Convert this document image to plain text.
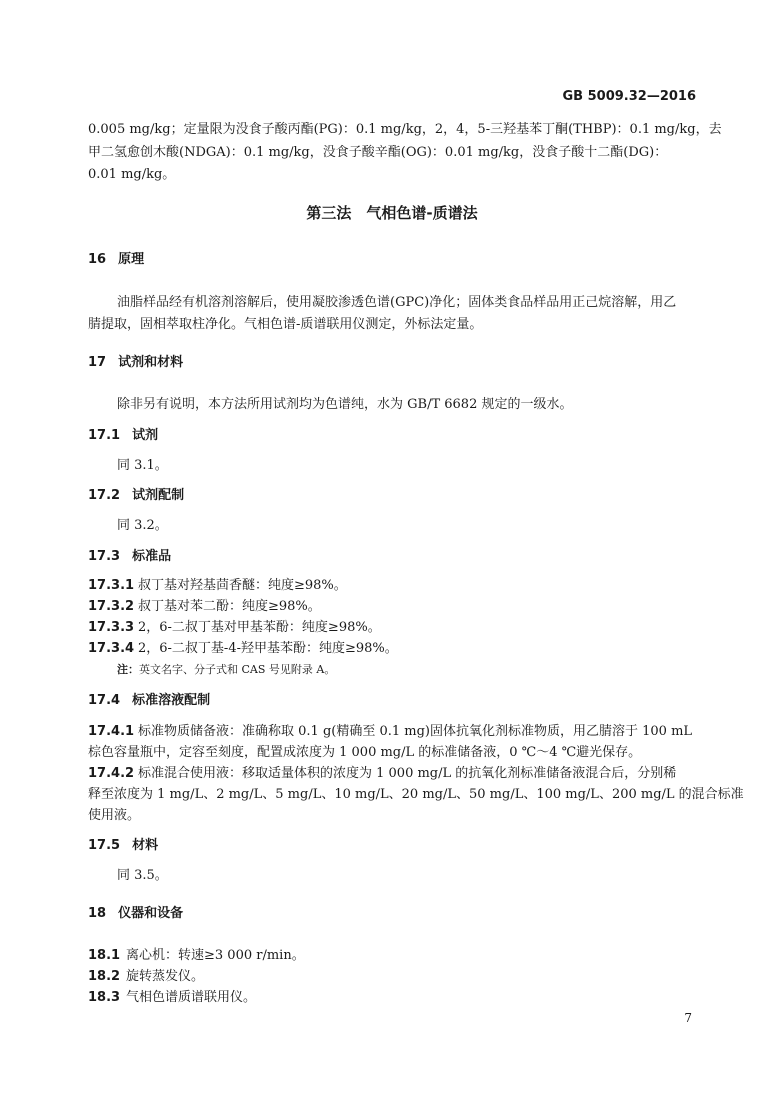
GB 5009.32—2016
0.005 mg/kg；定量限为没食子酸丙酯(PG)：0.1 mg/kg，2，4，5-三羟基苯丁酮(THBP)：0.1 mg/kg，去
甲二氢愈创木酸(NDGA)：0.1 mg/kg，没食子酸辛酯(OG)：0.01 mg/kg，没食子酸十二酯(DG)：
0.01 mg/kg。
第三法　气相色谱-质谱法
16 原理
油脂样品经有机溶剂溶解后，使用凝胶渗透色谱(GPC)净化；固体类食品样品用正己烷溶解，用乙
腈提取，固相萃取柱净化。气相色谱-质谱联用仪测定，外标法定量。
17 试剂和材料
除非另有说明，本方法所用试剂均为色谱纯，水为 GB/T 6682 规定的一级水。
17.1 试剂
同 3.1。
17.2 试剂配制
同 3.2。
17.3 标准品
17.3.1 叔丁基对羟基茴香醚：纯度≥98%。
17.3.2 叔丁基对苯二酚：纯度≥98%。
17.3.3 2，6-二叔丁基对甲基苯酚：纯度≥98%。
17.3.4 2，6-二叔丁基-4-羟甲基苯酚：纯度≥98%。
注：英文名字、分子式和 CAS 号见附录 A。
17.4 标准溶液配制
17.4.1 标准物质储备液：准确称取 0.1 g(精确至 0.1 mg)固体抗氧化剂标准物质，用乙腈溶于 100 mL
棕色容量瓶中，定容至刻度，配置成浓度为 1 000 mg/L 的标准储备液，0 ℃～4 ℃避光保存。
17.4.2 标准混合使用液：移取适量体积的浓度为 1 000 mg/L 的抗氧化剂标准储备液混合后，分别稀
释至浓度为 1 mg/L、2 mg/L、5 mg/L、10 mg/L、20 mg/L、50 mg/L、100 mg/L、200 mg/L 的混合标准
使用液。
17.5 材料
同 3.5。
18 仪器和设备
18.1 离心机：转速≥3 000 r/min。
18.2 旋转蒸发仪。
18.3 气相色谱质谱联用仪。
7
